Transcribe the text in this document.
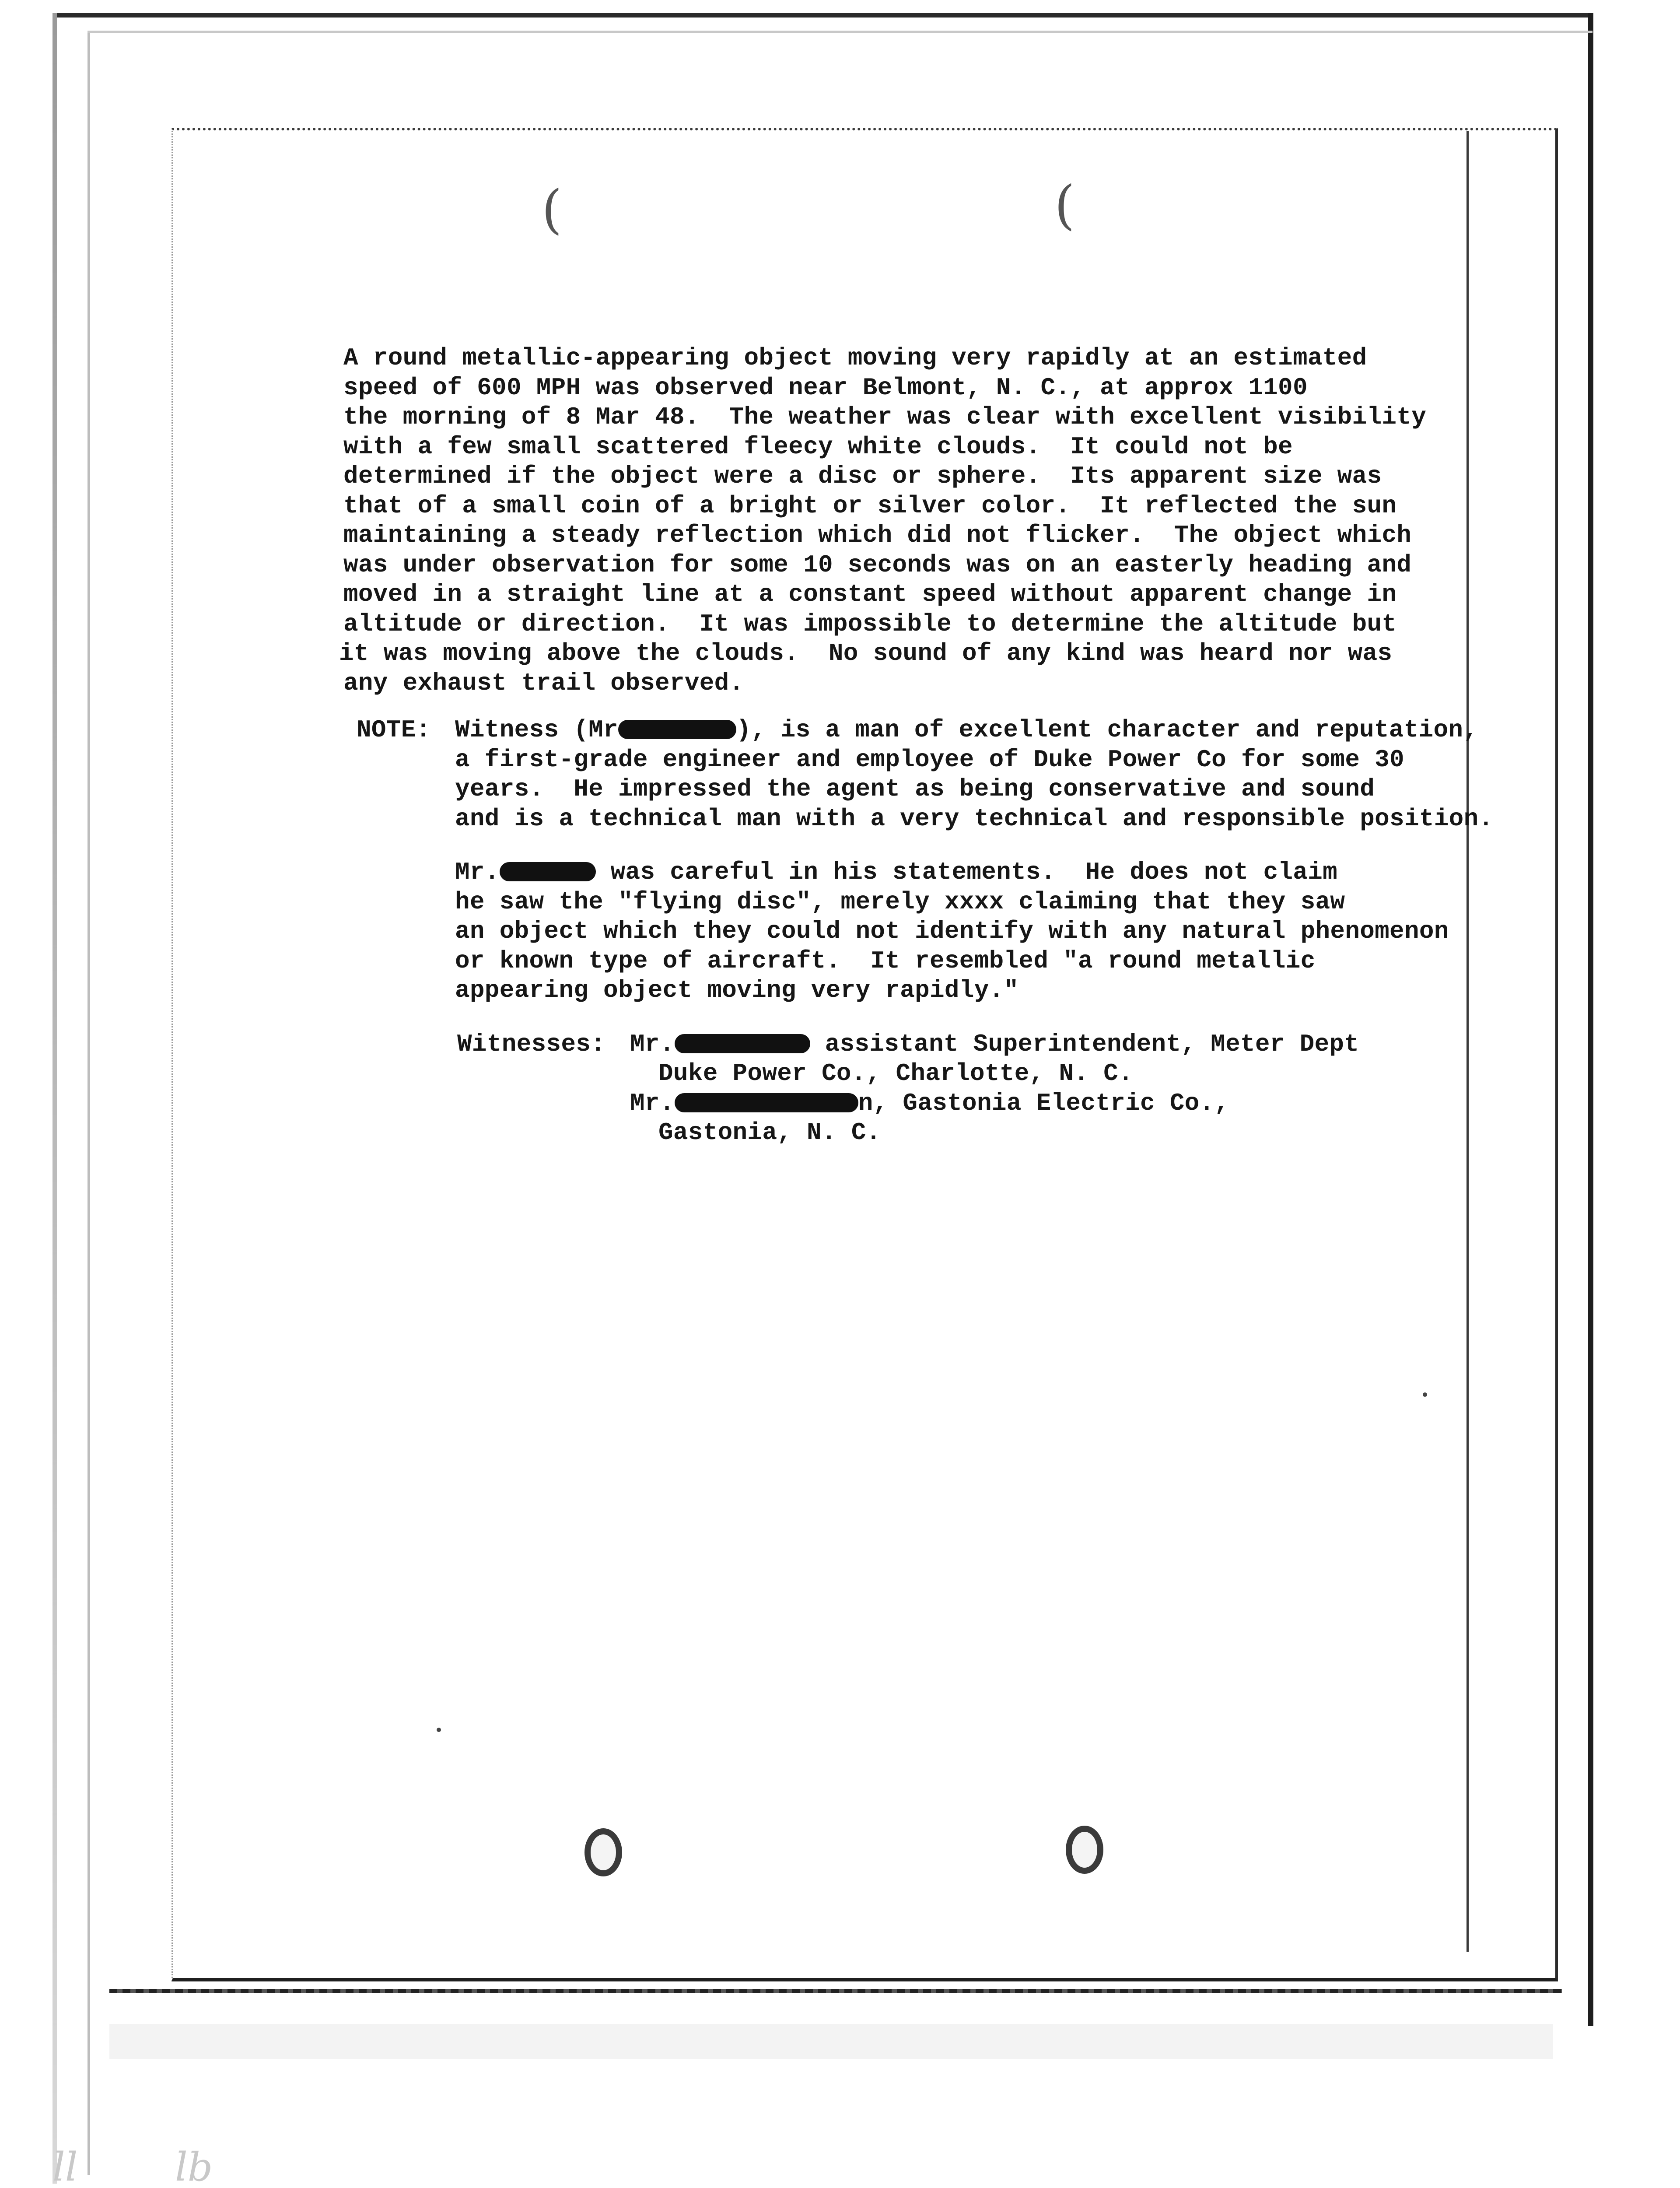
(	(
ll lb
A round metallic-appearing object moving very rapidly at an estimated
speed of 600 MPH was observed near Belmont, N. C., at approx 1100
the morning of 8 Mar 48.  The weather was clear with excellent visibility
with a few small scattered fleecy white clouds.  It could not be
determined if the object were a disc or sphere.  Its apparent size was
that of a small coin of a bright or silver color.  It reflected the sun
maintaining a steady reflection which did not flicker.  The object which
was under observation for some 10 seconds was on an easterly heading and
moved in a straight line at a constant speed without apparent change in
altitude or direction.  It was impossible to determine the altitude but
it was moving above the clouds.  No sound of any kind was heard nor was
any exhaust trail observed.
NOTE: Witness (Mr	), is a man of excellent character and reputation,
a first-grade engineer and employee of Duke Power Co for some 30
years.  He impressed the agent as being conservative and sound
and is a technical man with a very technical and responsible position.
Mr.	was careful in his statements.  He does not claim
he saw the "flying disc", merely xxxx claiming that they saw
an object which they could not identify with any natural phenomenon
or known type of aircraft.  It resembled "a round metallic
appearing object moving very rapidly."
Witnesses: Mr.	assistant Superintendent, Meter Dept
Duke Power Co., Charlotte, N. C.
Mr.	n, Gastonia Electric Co.,
Gastonia, N. C.
